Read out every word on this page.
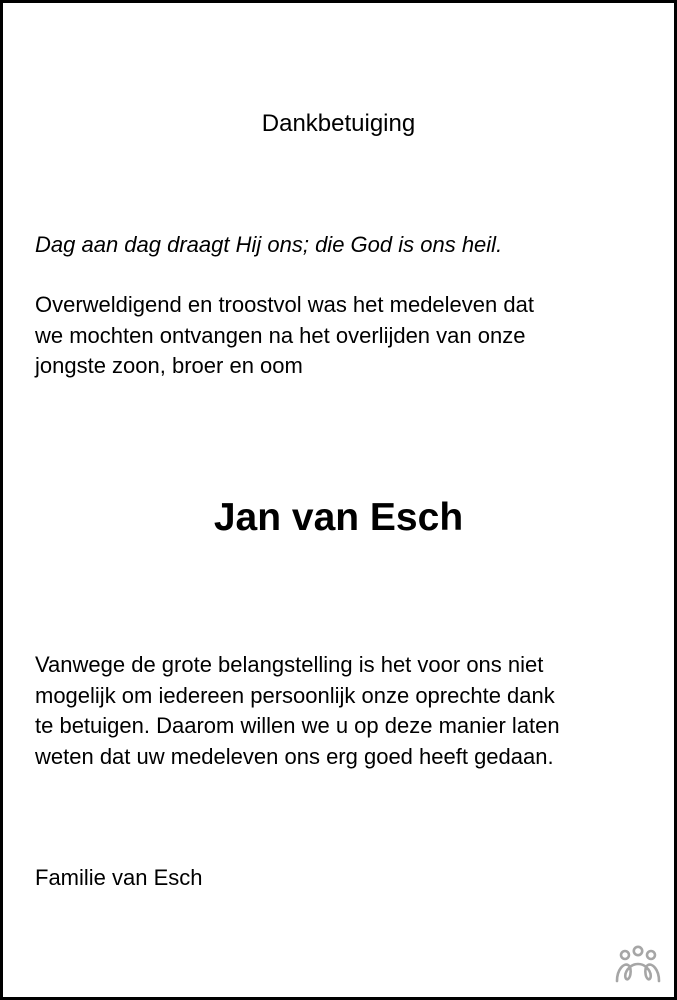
Dankbetuiging
Dag aan dag draagt Hij ons; die God is ons heil.
Overweldigend en troostvol was het medeleven dat
we mochten ontvangen na het overlijden van onze
jongste zoon, broer en oom
Jan van Esch
Vanwege de grote belangstelling is het voor ons niet
mogelijk om iedereen persoonlijk onze oprechte dank
te betuigen. Daarom willen we u op deze manier laten
weten dat uw medeleven ons erg goed heeft gedaan.
Familie van Esch
